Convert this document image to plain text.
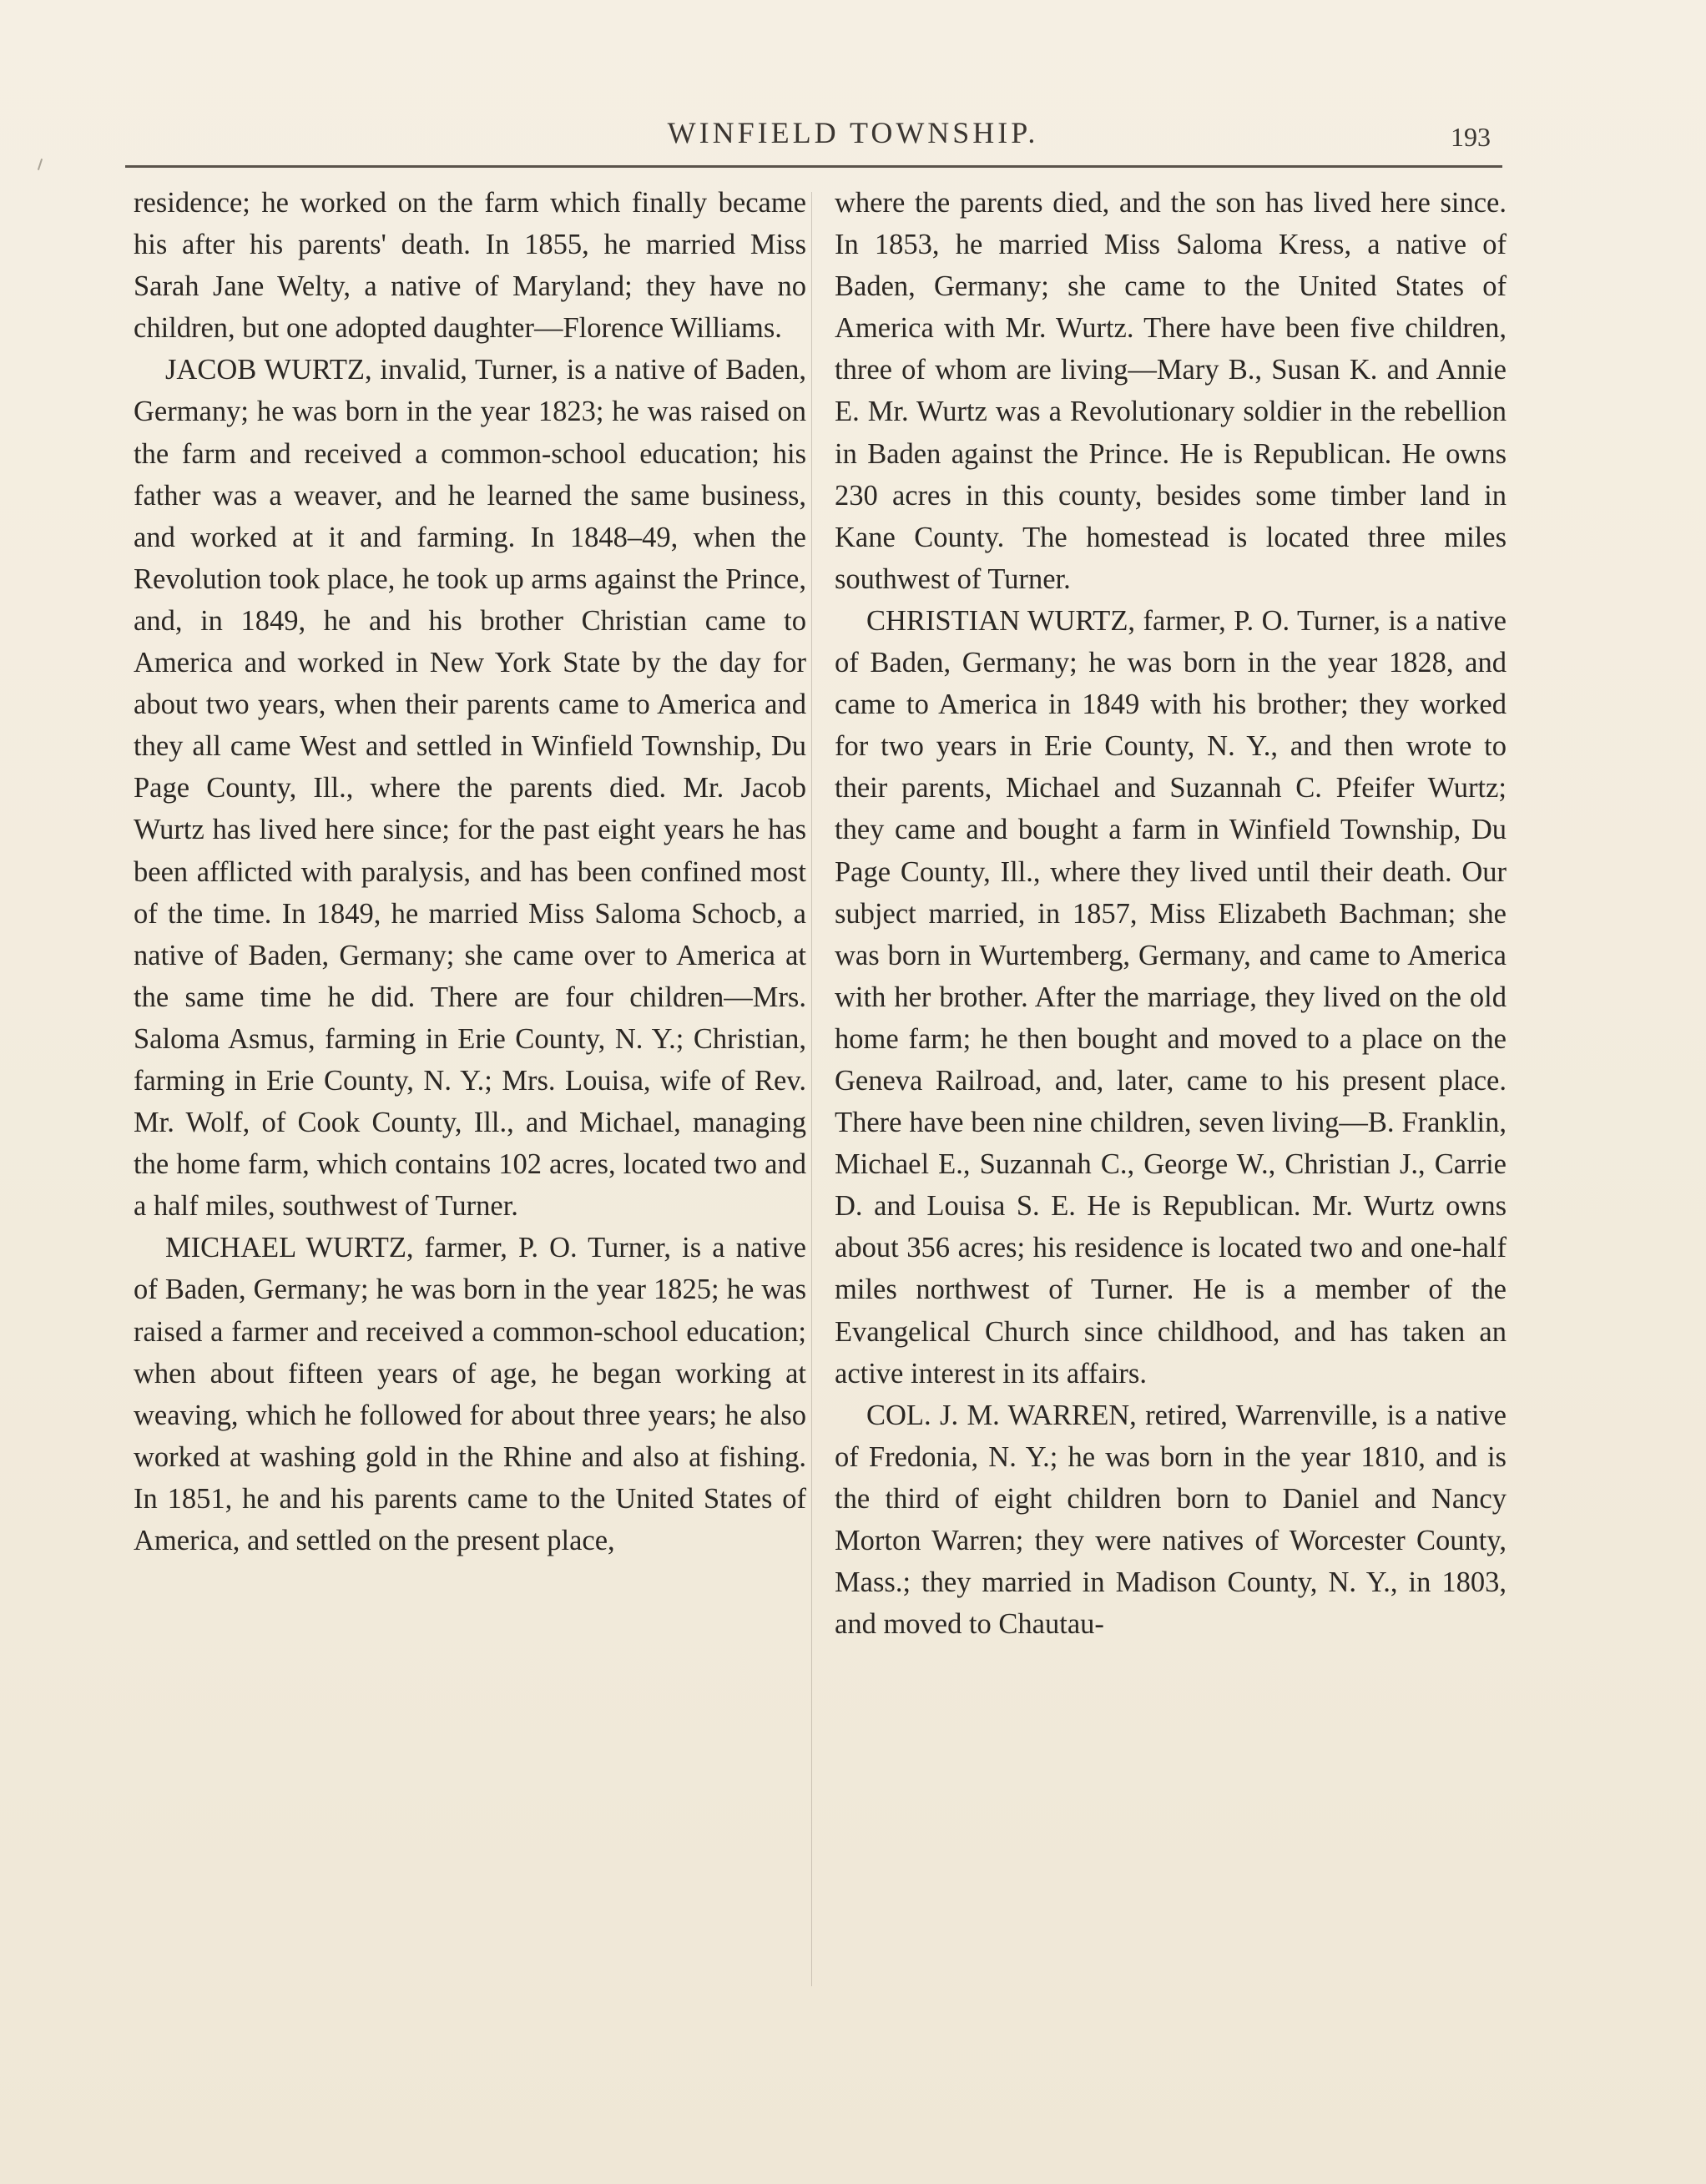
WINFIELD TOWNSHIP.	193

residence; he worked on the farm which finally became his after his parents' death. In 1855, he married Miss Sarah Jane Welty, a native of Maryland; they have no children, but one adopted daughter—Florence Williams.

JACOB WURTZ, invalid, Turner, is a native of Baden, Germany; he was born in the year 1823; he was raised on the farm and received a common-school education; his father was a weaver, and he learned the same business, and worked at it and farming. In 1848–49, when the Revolution took place, he took up arms against the Prince, and, in 1849, he and his brother Christian came to America and worked in New York State by the day for about two years, when their parents came to America and they all came West and settled in Winfield Township, Du Page County, Ill., where the parents died. Mr. Jacob Wurtz has lived here since; for the past eight years he has been afflicted with paralysis, and has been confined most of the time. In 1849, he married Miss Saloma Schocb, a native of Baden, Germany; she came over to America at the same time he did. There are four children—Mrs. Saloma Asmus, farming in Erie County, N. Y.; Christian, farming in Erie County, N. Y.; Mrs. Louisa, wife of Rev. Mr. Wolf, of Cook County, Ill., and Michael, managing the home farm, which contains 102 acres, located two and a half miles, southwest of Turner.

MICHAEL WURTZ, farmer, P. O. Turner, is a native of Baden, Germany; he was born in the year 1825; he was raised a farmer and received a common-school education; when about fifteen years of age, he began working at weaving, which he followed for about three years; he also worked at washing gold in the Rhine and also at fishing. In 1851, he and his parents came to the United States of America, and settled on the present place,

where the parents died, and the son has lived here since. In 1853, he married Miss Saloma Kress, a native of Baden, Germany; she came to the United States of America with Mr. Wurtz. There have been five children, three of whom are living—Mary B., Susan K. and Annie E. Mr. Wurtz was a Revolutionary soldier in the rebellion in Baden against the Prince. He is Republican. He owns 230 acres in this county, besides some timber land in Kane County. The homestead is located three miles southwest of Turner.

CHRISTIAN WURTZ, farmer, P. O. Turner, is a native of Baden, Germany; he was born in the year 1828, and came to America in 1849 with his brother; they worked for two years in Erie County, N. Y., and then wrote to their parents, Michael and Suzannah C. Pfeifer Wurtz; they came and bought a farm in Winfield Township, Du Page County, Ill., where they lived until their death. Our subject married, in 1857, Miss Elizabeth Bachman; she was born in Wurtemberg, Germany, and came to America with her brother. After the marriage, they lived on the old home farm; he then bought and moved to a place on the Geneva Railroad, and, later, came to his present place. There have been nine children, seven living—B. Franklin, Michael E., Suzannah C., George W., Christian J., Carrie D. and Louisa S. E. He is Republican. Mr. Wurtz owns about 356 acres; his residence is located two and one-half miles northwest of Turner. He is a member of the Evangelical Church since childhood, and has taken an active interest in its affairs.

COL. J. M. WARREN, retired, Warrenville, is a native of Fredonia, N. Y.; he was born in the year 1810, and is the third of eight children born to Daniel and Nancy Morton Warren; they were natives of Worcester County, Mass.; they married in Madison County, N. Y., in 1803, and moved to Chautau-
